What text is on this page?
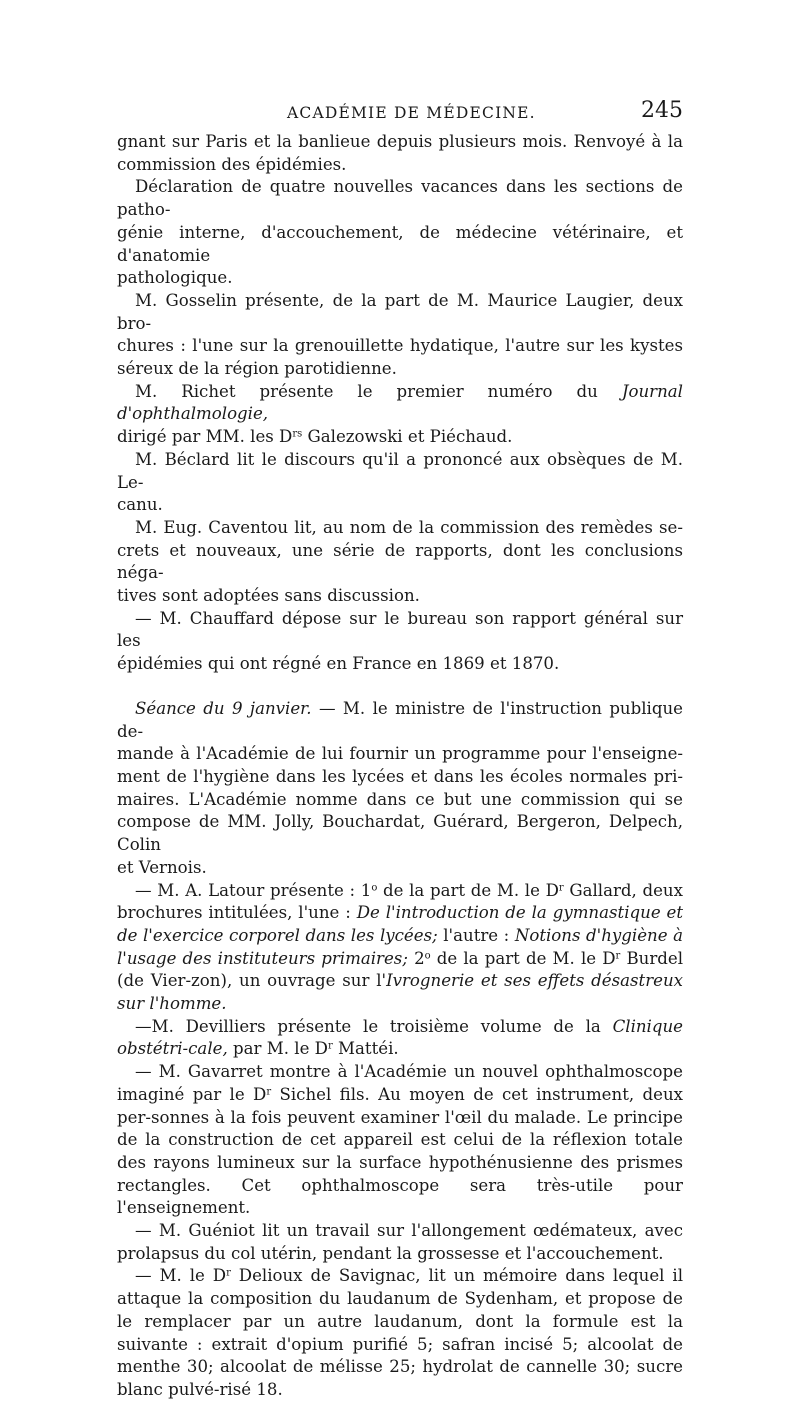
ACADÉMIE DE MÉDECINE.	245

gnant sur Paris et la banlieue depuis plusieurs mois. Renvoyé à la

commission des épidémies.

Déclaration de quatre nouvelles vacances dans les sections de patho-

génie interne, d'accouchement, de médecine vétérinaire, et d'anatomie

pathologique.

M. Gosselin présente, de la part de M. Maurice Laugier, deux bro-

chures : l'une sur la grenouillette hydatique, l'autre sur les kystes

séreux de la région parotidienne.

M. Richet présente le premier numéro du Journal d'ophthalmologie,

dirigé par MM. les $D^{rs}$ Galezowski et Piéchaud.

M. Béclard lit le discours qu'il a prononcé aux obsèques de M. Le-

canu.

M. Eug. Caventou lit, au nom de la commission des remèdes se-

crets et nouveaux, une série de rapports, dont les conclusions néga-

tives sont adoptées sans discussion.

— M. Chauffard dépose sur le bureau son rapport général sur les

épidémies qui ont régné en France en 1869 et 1870.

Séance du 9 janvier. — M. le ministre de l'instruction publique de-

mande à l'Académie de lui fournir un programme pour l'enseigne-

ment de l'hygiène dans les lycées et dans les écoles normales pri-

maires. L'Académie nomme dans ce but une commission qui se

compose de MM. Jolly, Bouchardat, Guérard, Bergeron, Delpech, Colin

et Vernois.

— M. A. Latour présente : 1$^o$ de la part de M. le $D^r$ Gallard, deux brochures intitulées, l'une : De l'introduction de la gymnastique et de l'exercice corporel dans les lycées; l'autre : Notions d'hygiène à l'usage des instituteurs primaires; 2$^o$ de la part de M. le $D^r$ Burdel (de Vier-zon), un ouvrage sur l'Ivrognerie et ses effets désastreux sur l'homme.

—M. Devilliers présente le troisième volume de la Clinique obstétri-cale, par M. le $D^r$ Mattéi.

— M. Gavarret montre à l'Académie un nouvel ophthalmoscope imaginé par le $D^r$ Sichel fils. Au moyen de cet instrument, deux per-sonnes à la fois peuvent examiner l'œil du malade. Le principe de la construction de cet appareil est celui de la réflexion totale des rayons lumineux sur la surface hypothénusienne des prismes rectangles. Cet ophthalmoscope sera très-utile pour l'enseignement.

— M. Guéniot lit un travail sur l'allongement œdémateux, avec prolapsus du col utérin, pendant la grossesse et l'accouchement.

— M. le $D^r$ Delioux de Savignac, lit un mémoire dans lequel il attaque la composition du laudanum de Sydenham, et propose de le remplacer par un autre laudanum, dont la formule est la suivante : extrait d'opium purifié 5; safran incisé 5; alcoolat de menthe 30; alcoolat de mélisse 25; hydrolat de cannelle 30; sucre blanc pulvé-risé 18.
